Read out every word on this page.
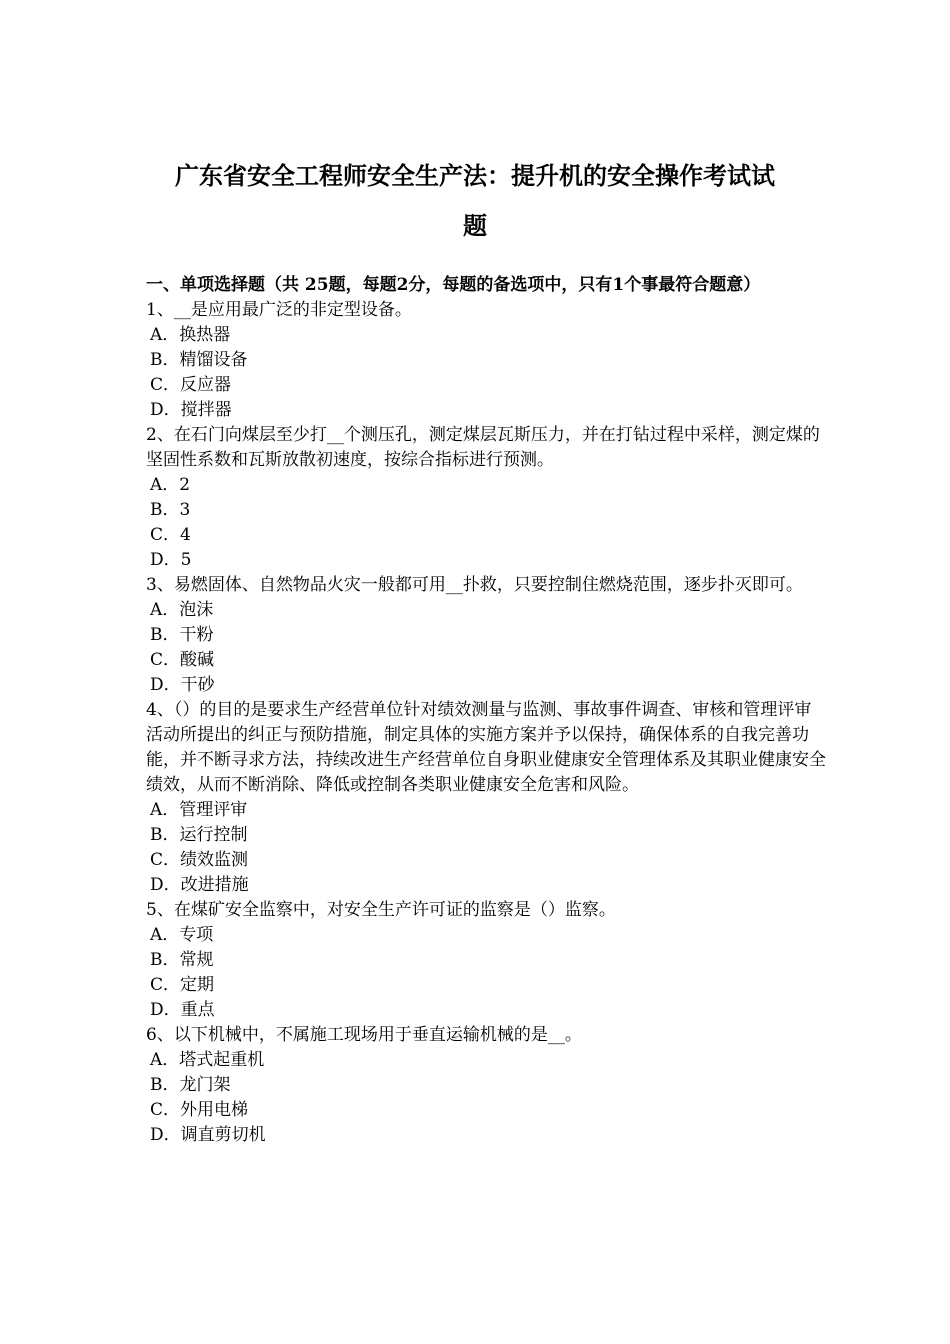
广东省安全工程师安全生产法：提升机的安全操作考试试
题
一、单项选择题（共 25题，每题2分，每题的备选项中，只有1个事最符合题意）
1、__是应用最广泛的非定型设备。
A．换热器
B．精馏设备
C．反应器
D．搅拌器
2、在石门向煤层至少打__个测压孔，测定煤层瓦斯压力，并在打钻过程中采样，测定煤的坚固性系数和瓦斯放散初速度，按综合指标进行预测。
A．2
B．3
C．4
D．5
3、易燃固体、自然物品火灾一般都可用__扑救，只要控制住燃烧范围，逐步扑灭即可。
A．泡沫
B．干粉
C．酸碱
D．干砂
4、（）的目的是要求生产经营单位针对绩效测量与监测、事故事件调查、审核和管理评审活动所提出的纠正与预防措施，制定具体的实施方案并予以保持，确保体系的自我完善功能，并不断寻求方法，持续改进生产经营单位自身职业健康安全管理体系及其职业健康安全绩效，从而不断消除、降低或控制各类职业健康安全危害和风险。
A．管理评审
B．运行控制
C．绩效监测
D．改进措施
5、在煤矿安全监察中，对安全生产许可证的监察是（）监察。
A．专项
B．常规
C．定期
D．重点
6、以下机械中，不属施工现场用于垂直运输机械的是__。
A．塔式起重机
B．龙门架
C．外用电梯
D．调直剪切机
